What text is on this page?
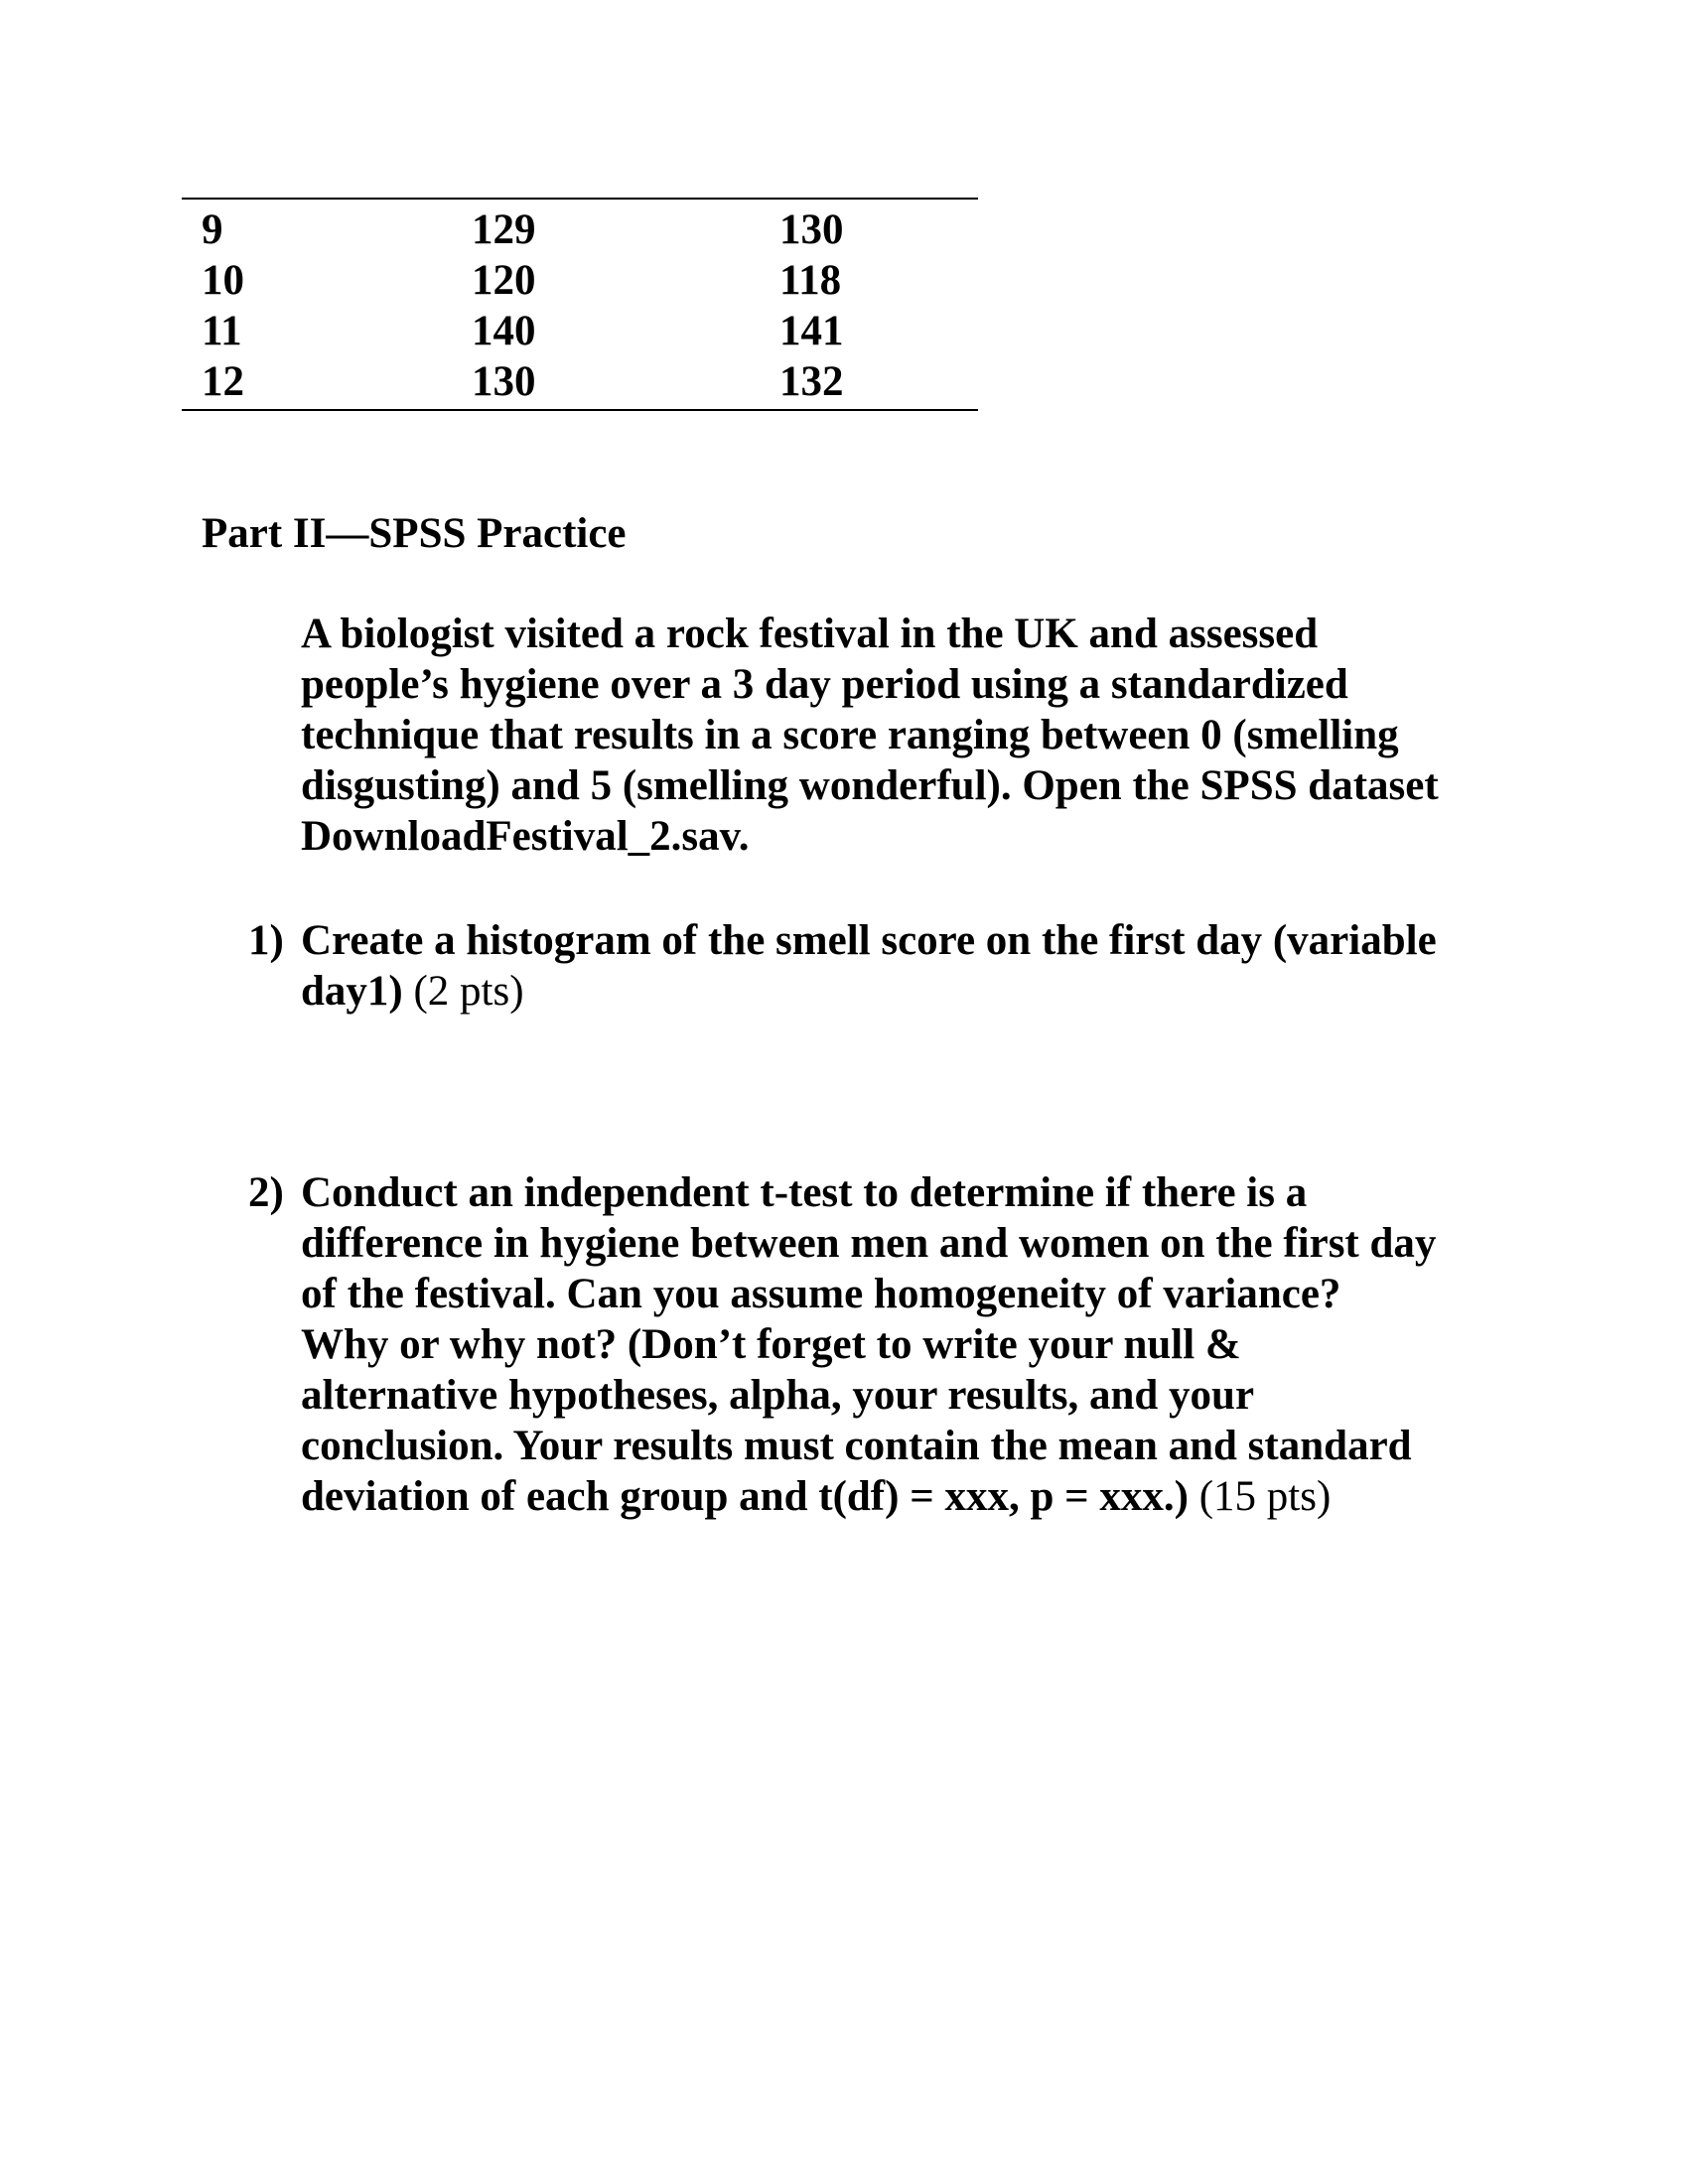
9	129	130
10	120	118
11	140	141
12	130	132
Part II—SPSS Practice
A biologist visited a rock festival in the UK and assessed
people’s hygiene over a 3 day period using a standardized
technique that results in a score ranging between 0 (smelling
disgusting) and 5 (smelling wonderful). Open the SPSS dataset
DownloadFestival_2.sav.
1) Create a histogram of the smell score on the first day (variable
day1) (2 pts)
2) Conduct an independent t-test to determine if there is a
difference in hygiene between men and women on the first day
of the festival. Can you assume homogeneity of variance?
Why or why not? (Don’t forget to write your null &
alternative hypotheses, alpha, your results, and your
conclusion. Your results must contain the mean and standard
deviation of each group and t(df) = xxx, p = xxx.) (15 pts)
